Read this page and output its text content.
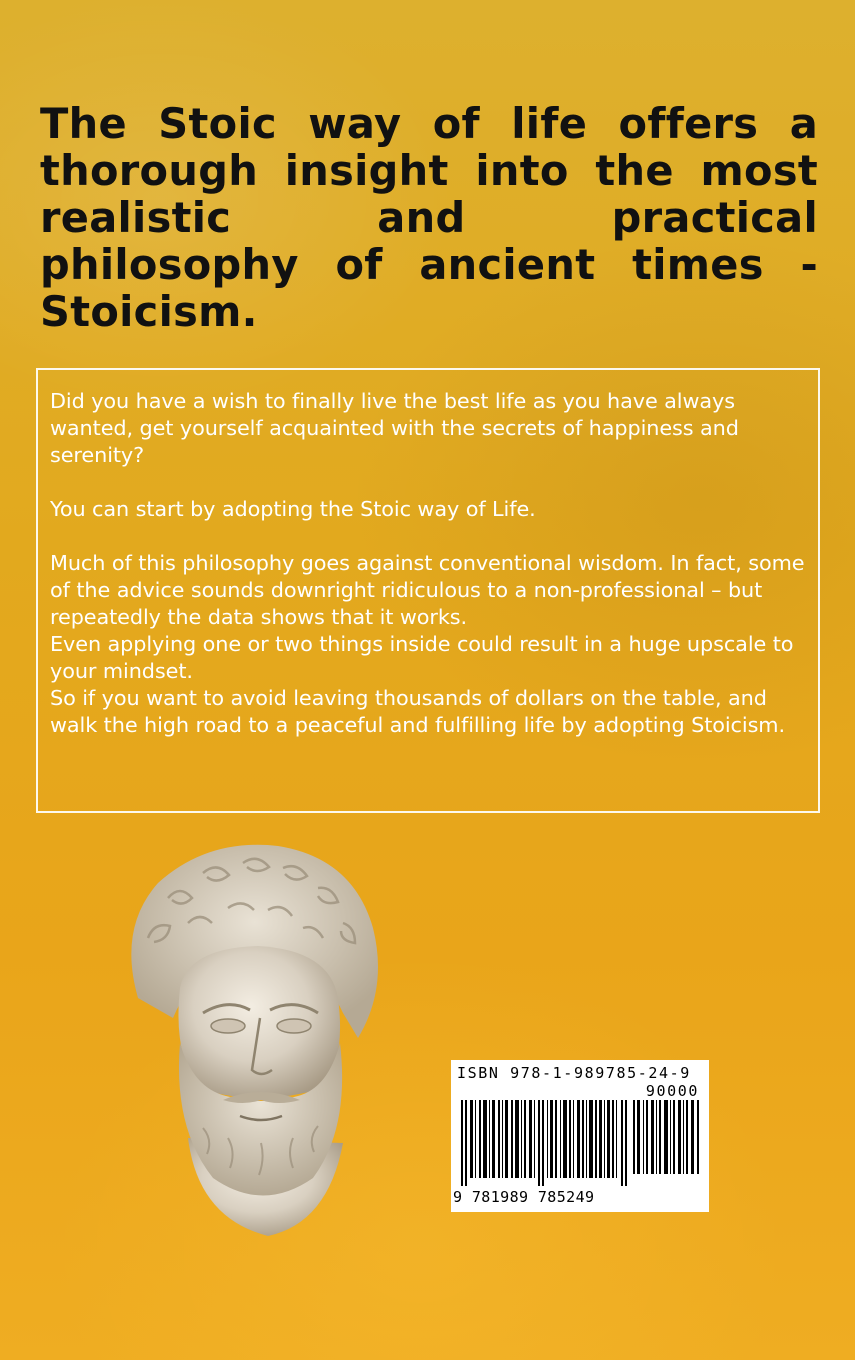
The Stoic way of life offers a thorough insight into the most realistic and practical philosophy of ancient times - Stoicism.

Did you have a wish to finally live the best life as you have always wanted, get yourself acquainted with the secrets of happiness and serenity?

You can start by adopting the Stoic way of Life.

Much of this philosophy goes against conventional wisdom. In fact, some of the advice sounds downright ridiculous to a non-professional – but repeatedly the data shows that it works.

Even applying one or two things inside could result in a huge upscale to your mindset.

So if you want to avoid leaving thousands of dollars on the table, and walk the high road to a peaceful and fulfilling life by adopting Stoicism.

ISBN 978-1-989785-24-9
90000
9 781989 785249
